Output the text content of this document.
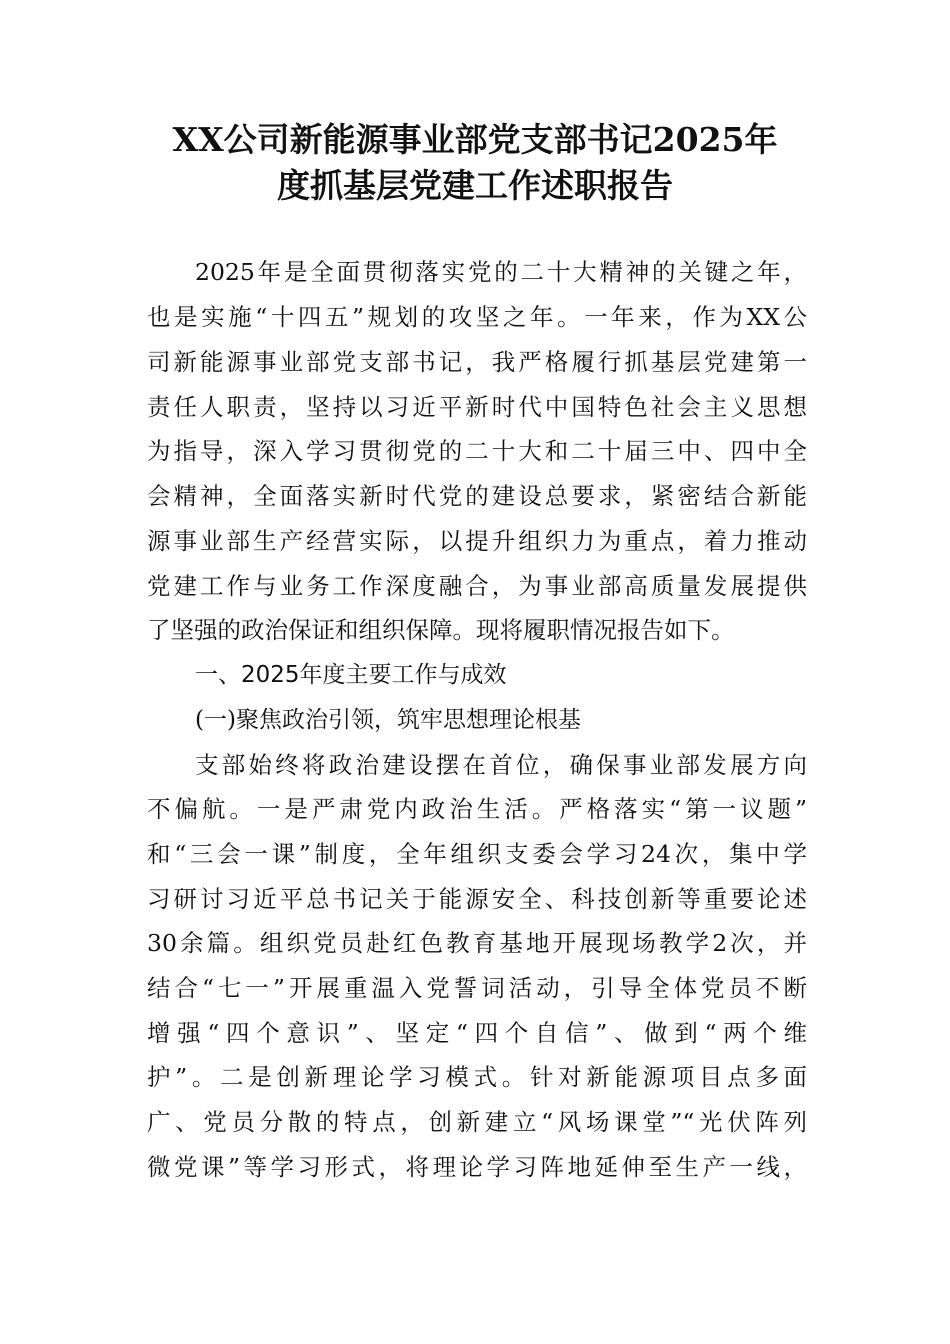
XX公司新能源事业部党支部书记2025年
度抓基层党建工作述职报告
2025年是全面贯彻落实党的二十大精神的关键之年，
也是实施“十四五”规划的攻坚之年。一年来，作为XX公
司新能源事业部党支部书记，我严格履行抓基层党建第一
责任人职责，坚持以习近平新时代中国特色社会主义思想
为指导，深入学习贯彻党的二十大和二十届三中、四中全
会精神，全面落实新时代党的建设总要求，紧密结合新能
源事业部生产经营实际，以提升组织力为重点，着力推动
党建工作与业务工作深度融合，为事业部高质量发展提供
了坚强的政治保证和组织保障。现将履职情况报告如下。
一、2025年度主要工作与成效
(一)聚焦政治引领，筑牢思想理论根基
支部始终将政治建设摆在首位，确保事业部发展方向
不偏航。一是严肃党内政治生活。严格落实“第一议题”
和“三会一课”制度，全年组织支委会学习24次，集中学
习研讨习近平总书记关于能源安全、科技创新等重要论述
30余篇。组织党员赴红色教育基地开展现场教学2次，并
结合“七一”开展重温入党誓词活动，引导全体党员不断
增强“四个意识”、坚定“四个自信”、做到“两个维
护”。二是创新理论学习模式。针对新能源项目点多面
广、党员分散的特点，创新建立“风场课堂”“光伏阵列
微党课”等学习形式，将理论学习阵地延伸至生产一线，
